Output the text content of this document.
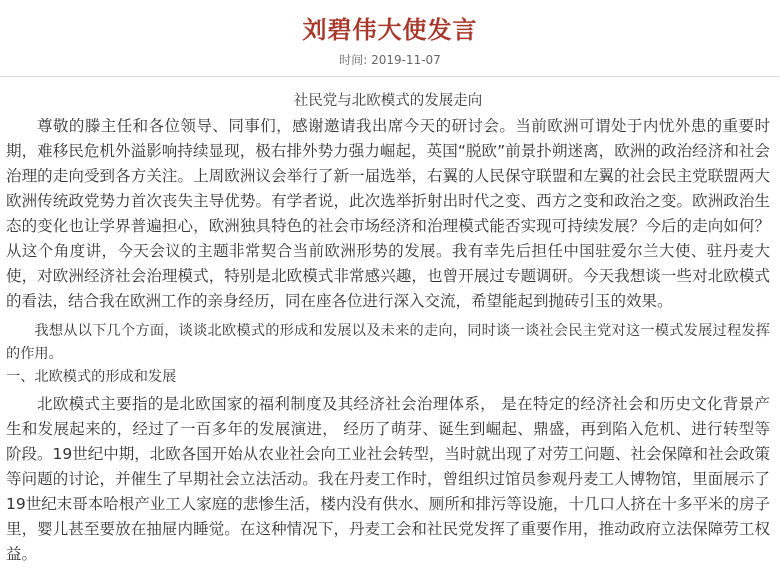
刘碧伟大使发言
时间: 2019-11-07
社民党与北欧模式的发展走向

尊敬的滕主任和各位领导、同事们，感谢邀请我出席今天的研讨会。当前欧洲可谓处于内忧外患的重要时期，难移民危机外溢影响持续显现，极右排外势力强力崛起，英国“脱欧”前景扑朔迷离，欧洲的政治经济和社会治理的走向受到各方关注。上周欧洲议会举行了新一届选举，右翼的人民保守联盟和左翼的社会民主党联盟两大欧洲传统政党势力首次丧失主导优势。有学者说，此次选举折射出时代之变、西方之变和政治之变。欧洲政治生态的变化也让学界普遍担心，欧洲独具特色的社会市场经济和治理模式能否实现可持续发展？今后的走向如何？从这个角度讲，今天会议的主题非常契合当前欧洲形势的发展。我有幸先后担任中国驻爱尔兰大使、驻丹麦大使，对欧洲经济社会治理模式，特别是北欧模式非常感兴趣，也曾开展过专题调研。今天我想谈一些对北欧模式的看法，结合我在欧洲工作的亲身经历，同在座各位进行深入交流，希望能起到抛砖引玉的效果。

我想从以下几个方面，谈谈北欧模式的形成和发展以及未来的走向，同时谈一谈社会民主党对这一模式发展过程发挥的作用。

一、北欧模式的形成和发展

北欧模式主要指的是北欧国家的福利制度及其经济社会治理体系， 是在特定的经济社会和历史文化背景产生和发展起来的，经过了一百多年的发展演进， 经历了萌芽、诞生到崛起、鼎盛，再到陷入危机、进行转型等阶段。19世纪中期，北欧各国开始从农业社会向工业社会转型，当时就出现了对劳工问题、社会保障和社会政策等问题的讨论，并催生了早期社会立法活动。我在丹麦工作时，曾组织过馆员参观丹麦工人博物馆，里面展示了19世纪末哥本哈根产业工人家庭的悲惨生活，楼内没有供水、厕所和排污等设施，十几口人挤在十多平米的房子里，婴儿甚至要放在抽屉内睡觉。在这种情况下，丹麦工会和社民党发挥了重要作用，推动政府立法保障劳工权益。
